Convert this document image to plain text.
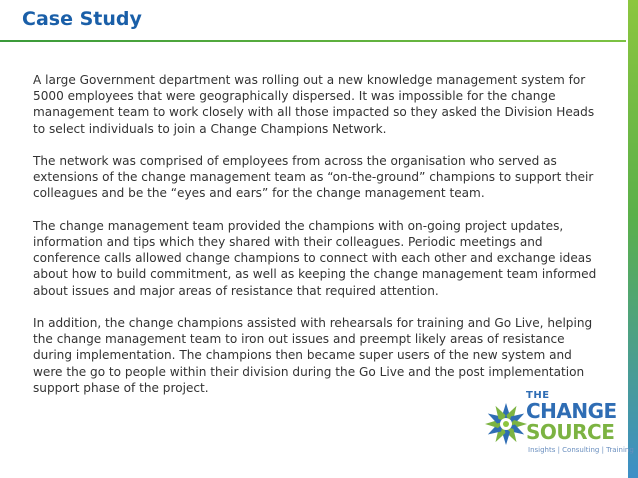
Case Study

A large Government department was rolling out a new knowledge management system for 5000 employees that were geographically dispersed. It was impossible for the change management team to work closely with all those impacted so they asked the Division Heads to select individuals to join a Change Champions Network.

The network was comprised of employees from across the organisation who served as extensions of the change management team as “on-the-ground” champions to support their colleagues and be the “eyes and ears” for the change management team.

The change management team provided the champions with on-going project updates, information and tips which they shared with their colleagues. Periodic meetings and conference calls allowed change champions to connect with each other and exchange ideas about how to build commitment, as well as keeping the change management team informed about issues and major areas of resistance that required attention.

In addition, the change champions assisted with rehearsals for training and Go Live, helping the change management team to iron out issues and preempt likely areas of resistance during implementation. The champions then became super users of the new system and were the go to people within their division during the Go Live and the post implementation support phase of the project.

THE
CHANGE
SOURCE
Insights | Consulting | Training
